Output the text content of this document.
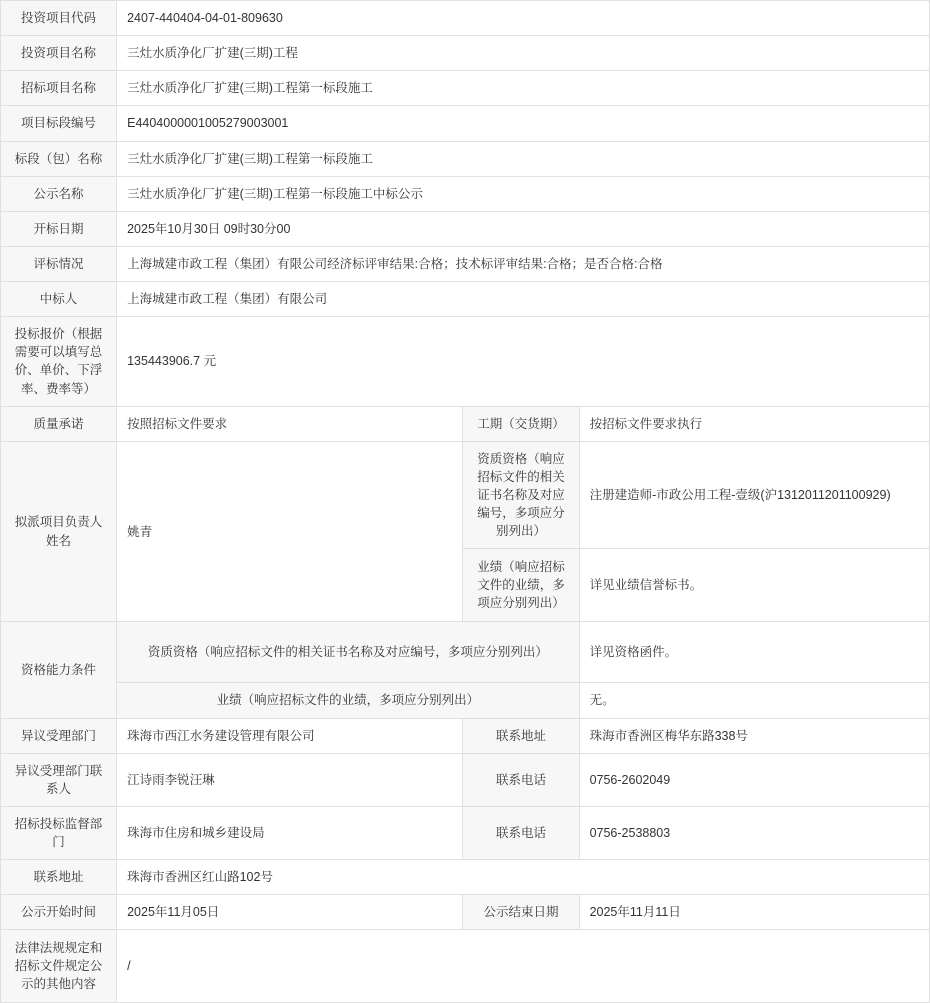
投资项目代码	2407-440404-04-01-809630		
投资项目名称	三灶水质净化厂扩建(三期)工程		
招标项目名称	三灶水质净化厂扩建(三期)工程第一标段施工		
项目标段编号	E4404000001005279003001		
标段（包）名称	三灶水质净化厂扩建(三期)工程第一标段施工		
公示名称	三灶水质净化厂扩建(三期)工程第一标段施工中标公示		
开标日期	2025年10月30日 09时30分00		
评标情况	上海城建市政工程（集团）有限公司经济标评审结果:合格；技术标评审结果:合格；是否合格:合格		
中标人	上海城建市政工程（集团）有限公司		
投标报价（根据需要可以填写总价、单价、下浮率、费率等）	135443906.7 元		
质量承诺	按照招标文件要求	工期（交货期）	按招标文件要求执行
拟派项目负责人姓名	姚青	资质资格（响应招标文件的相关证书名称及对应编号，多项应分别列出）	注册建造师-市政公用工程-壹级(沪1312011201100929)
		业绩（响应招标文件的业绩，多项应分别列出）	详见业绩信誉标书。
资格能力条件	资质资格（响应招标文件的相关证书名称及对应编号，多项应分别列出）		详见资格函件。
	业绩（响应招标文件的业绩，多项应分别列出）		无。
异议受理部门	珠海市西江水务建设管理有限公司	联系地址	珠海市香洲区梅华东路338号
异议受理部门联系人	江诗雨李锐汪琳	联系电话	0756-2602049
招标投标监督部门	珠海市住房和城乡建设局	联系电话	0756-2538803
联系地址	珠海市香洲区红山路102号		
公示开始时间	2025年11月05日	公示结束日期	2025年11月11日
法律法规规定和招标文件规定公示的其他内容	/		
